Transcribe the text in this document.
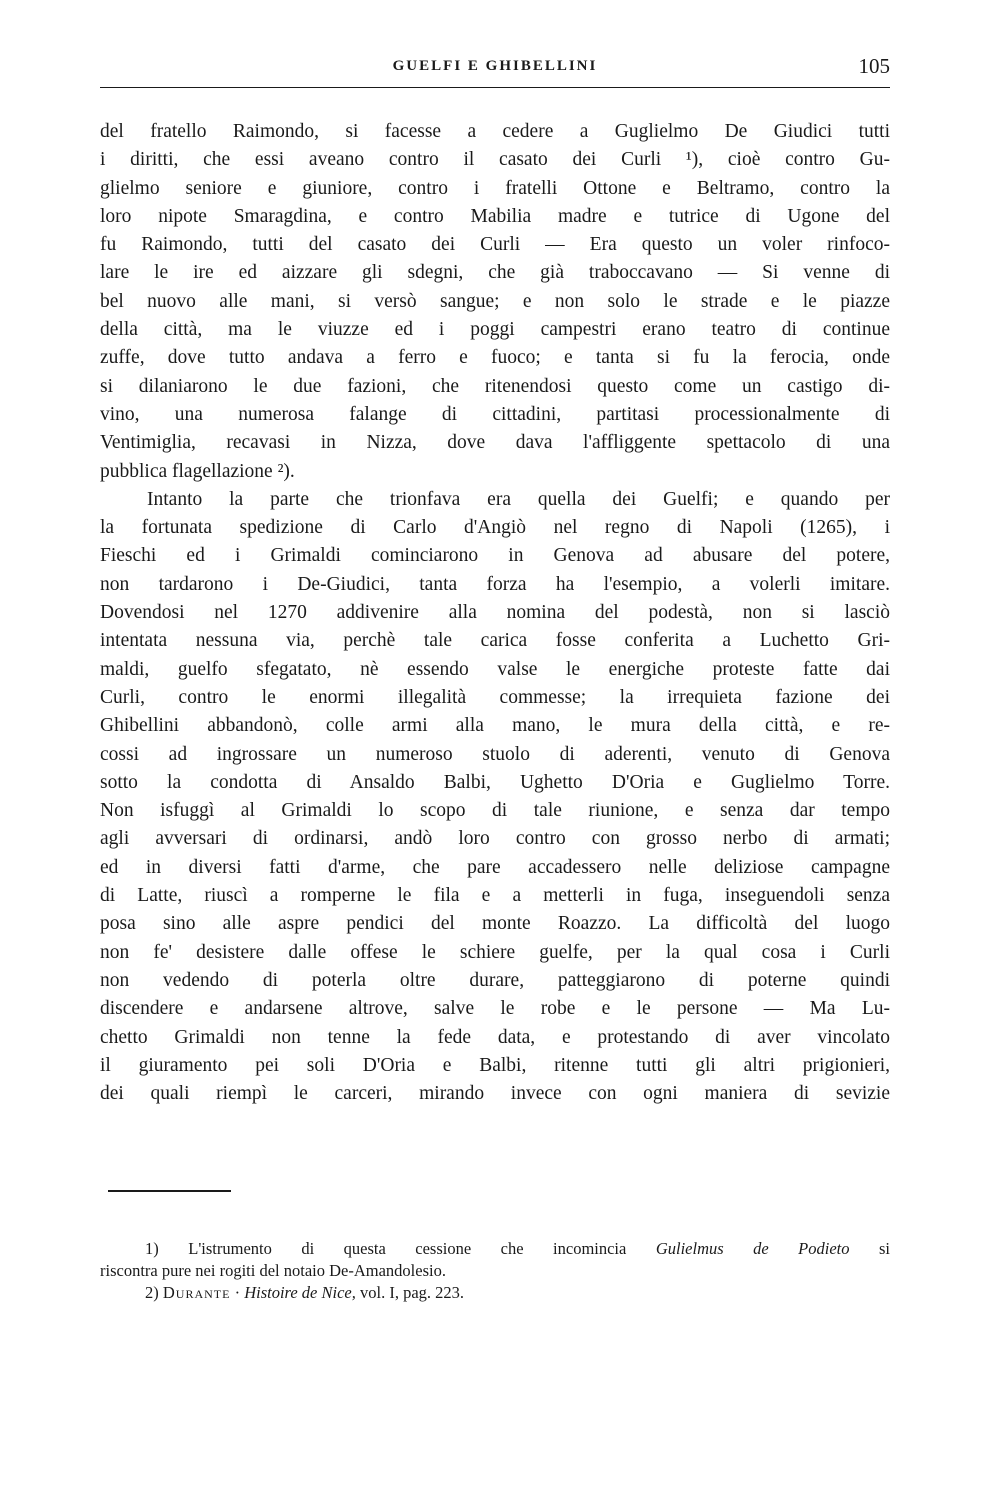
GUELFI E GHIBELLINI	105
del fratello Raimondo, si facesse a cedere a Guglielmo De Giudici tutti
i diritti, che essi aveano contro il casato dei Curli ¹), cioè contro Gu-
glielmo seniore e giuniore, contro i fratelli Ottone e Beltramo, contro la
loro nipote Smaragdina, e contro Mabilia madre e tutrice di Ugone del
fu Raimondo, tutti del casato dei Curli — Era questo un voler rinfoco-
lare le ire ed aizzare gli sdegni, che già traboccavano — Si venne di
bel nuovo alle mani, si versò sangue; e non solo le strade e le piazze
della città, ma le viuzze ed i poggi campestri erano teatro di continue
zuffe, dove tutto andava a ferro e fuoco; e tanta si fu la ferocia, onde
si dilaniarono le due fazioni, che ritenendosi questo come un castigo di-
vino, una numerosa falange di cittadini, partitasi processionalmente di
Ventimiglia, recavasi in Nizza, dove dava l'affliggente spettacolo di una
pubblica flagellazione ²).
Intanto la parte che trionfava era quella dei Guelfi; e quando per
la fortunata spedizione di Carlo d'Angiò nel regno di Napoli (1265), i
Fieschi ed i Grimaldi cominciarono in Genova ad abusare del potere,
non tardarono i De-Giudici, tanta forza ha l'esempio, a volerli imitare.
Dovendosi nel 1270 addivenire alla nomina del podestà, non si lasciò
intentata nessuna via, perchè tale carica fosse conferita a Luchetto Gri-
maldi, guelfo sfegatato, nè essendo valse le energiche proteste fatte dai
Curli, contro le enormi illegalità commesse; la irrequieta fazione dei
Ghibellini abbandonò, colle armi alla mano, le mura della città, e re-
cossi ad ingrossare un numeroso stuolo di aderenti, venuto di Genova
sotto la condotta di Ansaldo Balbi, Ughetto D'Oria e Guglielmo Torre.
Non isfuggì al Grimaldi lo scopo di tale riunione, e senza dar tempo
agli avversari di ordinarsi, andò loro contro con grosso nerbo di armati;
ed in diversi fatti d'arme, che pare accadessero nelle deliziose campagne
di Latte, riuscì a romperne le fila e a metterli in fuga, inseguendoli senza
posa sino alle aspre pendici del monte Roazzo. La difficoltà del luogo
non fe' desistere dalle offese le schiere guelfe, per la qual cosa i Curli
non vedendo di poterla oltre durare, patteggiarono di poterne quindi
discendere e andarsene altrove, salve le robe e le persone — Ma Lu-
chetto Grimaldi non tenne la fede data, e protestando di aver vincolato
il giuramento pei soli D'Oria e Balbi, ritenne tutti gli altri prigionieri,
dei quali riempì le carceri, mirando invece con ogni maniera di sevizie
1) L'istrumento di questa cessione che incomincia Gulielmus de Podieto si
riscontra pure nei rogiti del notaio De-Amandolesio.
2) Durante · Histoire de Nice, vol. I, pag. 223.
